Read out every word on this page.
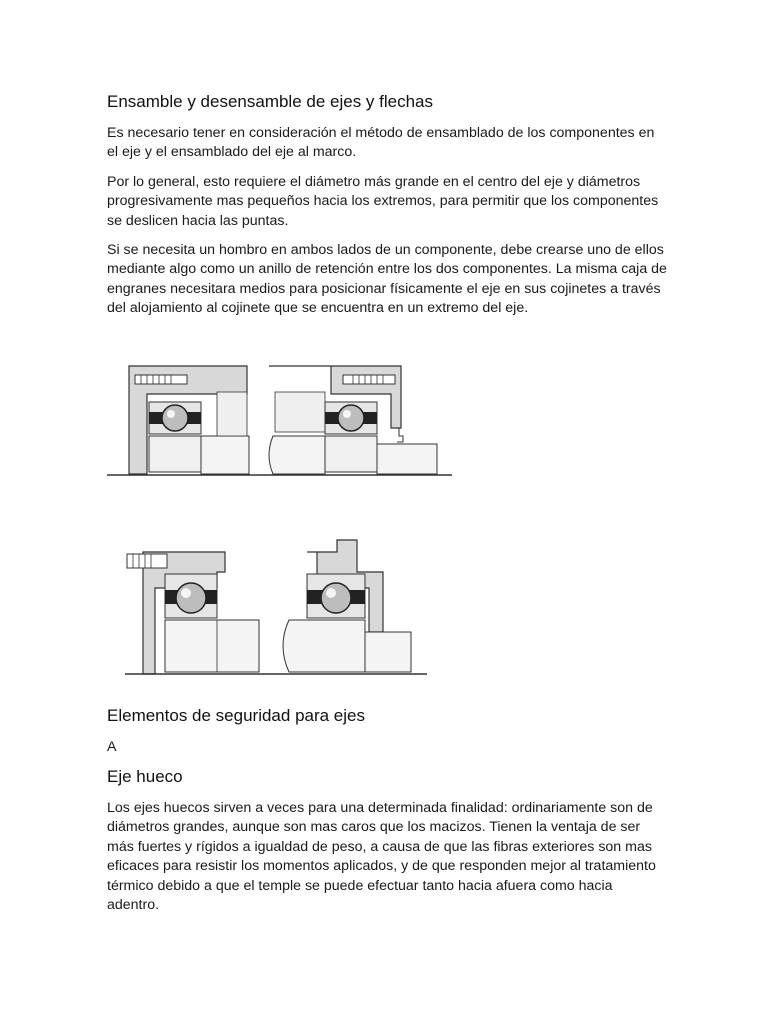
Ensamble y desensamble de ejes y flechas

Es necesario tener en consideración el método de ensamblado de los componentes en el eje y el ensamblado del eje al marco.

Por lo general, esto requiere el diámetro más grande en el centro del eje y diámetros progresivamente mas pequeños hacia los extremos, para permitir que los componentes se deslicen hacia las puntas.

Si se necesita un hombro en ambos lados de un componente, debe crearse uno de ellos mediante algo como un anillo de retención entre los dos componentes. La misma caja de engranes necesitara medios para posicionar físicamente el eje en sus cojinetes a través del alojamiento al cojinete que se encuentra en un extremo del eje.

Elementos de seguridad para ejes

A

Eje hueco

Los ejes huecos sirven a veces para una determinada finalidad: ordinariamente son de diámetros grandes, aunque son mas caros que los macizos. Tienen la ventaja de ser más fuertes y rígidos a igualdad de peso, a causa de que las fibras exteriores son mas eficaces para resistir los momentos aplicados, y de que responden mejor al tratamiento térmico debido a que el temple se puede efectuar tanto hacia afuera como hacia adentro.
